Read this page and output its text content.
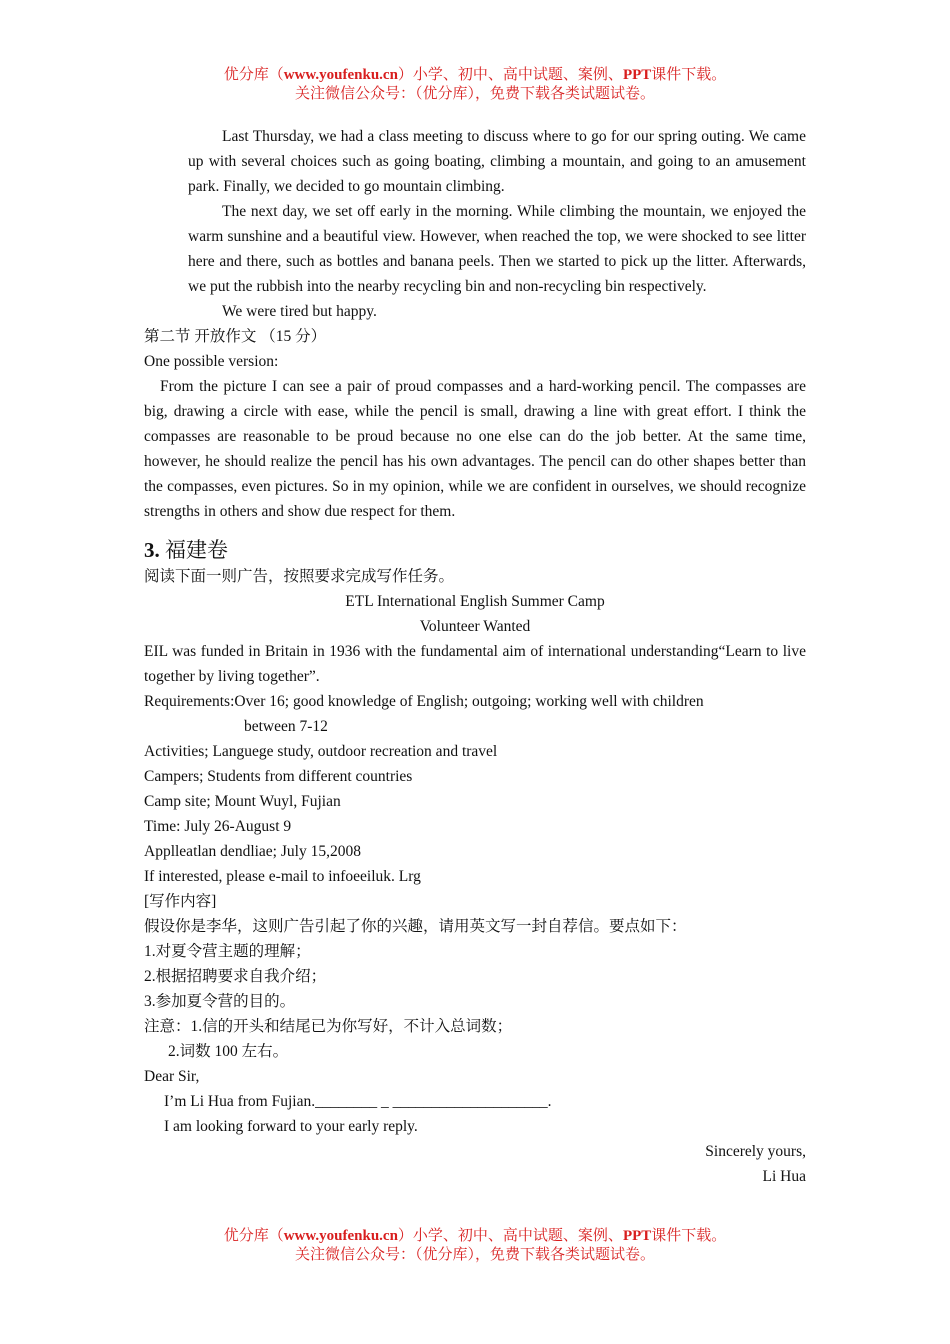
优分库（www.youfenku.cn）小学、初中、高中试题、案例、PPT课件下载。
关注微信公众号：（优分库），免费下载各类试题试卷。

Last Thursday, we had a class meeting to discuss where to go for our spring outing. We came up with several choices such as going boating, climbing a mountain, and going to an amusement park. Finally, we decided to go mountain climbing.

The next day, we set off early in the morning. While climbing the mountain, we enjoyed the warm sunshine and a beautiful view. However, when reached the top, we were shocked to see litter here and there, such as bottles and banana peels. Then we started to pick up the litter. Afterwards, we put the rubbish into the nearby recycling bin and non-recycling bin respectively.

We were tired but happy.

第二节 开放作文 （15 分）

One possible version:

From the picture I can see a pair of proud compasses and a hard-working pencil. The compasses are big, drawing a circle with ease, while the pencil is small, drawing a line with great effort. I think the compasses are reasonable to be proud because no one else can do the job better. At the same time, however, he should realize the pencil has his own advantages. The pencil can do other shapes better than the compasses, even pictures. So in my opinion, while we are confident in ourselves, we should recognize strengths in others and show due respect for them.

3. 福建卷

阅读下面一则广告，按照要求完成写作任务。

ETL International English Summer Camp

Volunteer Wanted

EIL was funded in Britain in 1936 with the fundamental aim of international understanding“Learn to live together by living together”.

Requirements: Over 16; good knowledge of English; outgoing; working well with children

between 7-12

Activities; Languege study, outdoor recreation and travel

Campers; Students from different countries

Camp site; Mount Wuyl, Fujian

Time: July 26-August 9

Applleatlan dendliae; July 15,2008

If interested, please e-mail to infoeeiluk. Lrg

[写作内容]

假设你是李华，这则广告引起了你的兴趣，请用英文写一封自荐信。要点如下：

1.对夏令营主题的理解；

2.根据招聘要求自我介绍；

3.参加夏令营的目的。

注意：1.信的开头和结尾已为你写好，不计入总词数；

2.词数 100 左右。

Dear Sir,

I’m Li Hua from Fujian.________ _ ____________________.

I am looking forward to your early reply.

Sincerely yours,

Li Hua

优分库（www.youfenku.cn）小学、初中、高中试题、案例、PPT课件下载。
关注微信公众号：（优分库），免费下载各类试题试卷。
